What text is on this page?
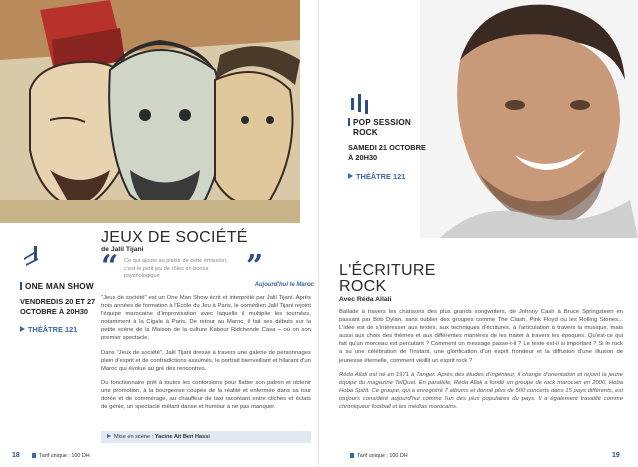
ONE MAN SHOW
VENDREDIS 20 ET 27
OCTOBRE À 20H30
THÉÂTRE 121
JEUX DE SOCIÉTÉ
de Jalil Tijani
“ Ce qui ajoute au plaisir de cette émission,
c'est le petit jeu de rôles en bonus psychologique	”
Aujourd'hui le Maroc

"Jeux de société" est un One Man Show écrit et interprété par Jalil Tijani. Après trois années de formation à l'École du Jeu à Paris, le comédien Jalil Tijani rejoint l'équipe marocaine d'improvisation avec laquelle il multiplie les tournées, notamment à la Cigale à Paris. De retour au Maroc, il fait ses débuts sur la petite scène de la Maison de la culture Kabour Ridchende Casa – où on son premier spectacle.

Dans "Jeux de société", Jalil Tijani dresse à travers une galerie de personnages plein d'esprit et de contradictions assumés, le portrait bienveillant et hilarant d'un Maroc qui évolue au gré des rencontres.

Du fonctionnaire prêt à toutes les contorsions pour flatter son patron et obtenir une promotion, à la bourgeoise coupée de la réalité et enfermée dans sa tour dorée et de commérage, au chauffeur de taxi racontant entre clichés et éclats de génie, un spectacle mêlant danse et humour à ne pas manquer.

Mise en scène : Yacine Ait Ben Hassi
18	Tarif unique : 100 DH
POP SESSION
ROCK
SAMEDI 21 OCTOBRE
À 20H30
THÉÂTRE 121
L'ÉCRITURE
ROCK
Avec Réda Allali

Ballade à travers les chansons des plus grands songwriters, de Johnny Cash à Bruce Springsteen en passant par Bob Dylan, sans oublier des groupes comme The Clash, Pink Floyd ou les Rolling Stones... L'idée est de s'intéresser aux textes, aux techniques d'écritures, à l'articulation à travers la musique, mais aussi aux choix des thèmes et aux différentes manières de les traiter à travers les époques. Qu'est-ce qui fait qu'un morceau est percutant ? Comment un message passe-t-il ? Le texte est-il si important ? Si le rock a su une célébration de l'instant, une glorification d'un esprit frondeur et la diffusion d'une illusion de jeunesse éternelle, comment vieillit un esprit rock ?

Réda Allali est né en 1971 à Tanger. Après des études d'ingénieur, il change d'orientation et rejoint la jeune équipe du magazine TelQuel. En parallèle, Réda Allali a fondé un groupe de rock marocain en 2000, Hoba Hoba Spirit. Ce groupe, qui a enregistré 7 albums et donné plus de 500 concerts dans 15 pays différents, est toujours considéré aujourd'hui comme l'un des plus populaires du pays. Il a également travaillé comme chroniqueur football et les médias marocains.

Tarif unique : 100 DH	19
